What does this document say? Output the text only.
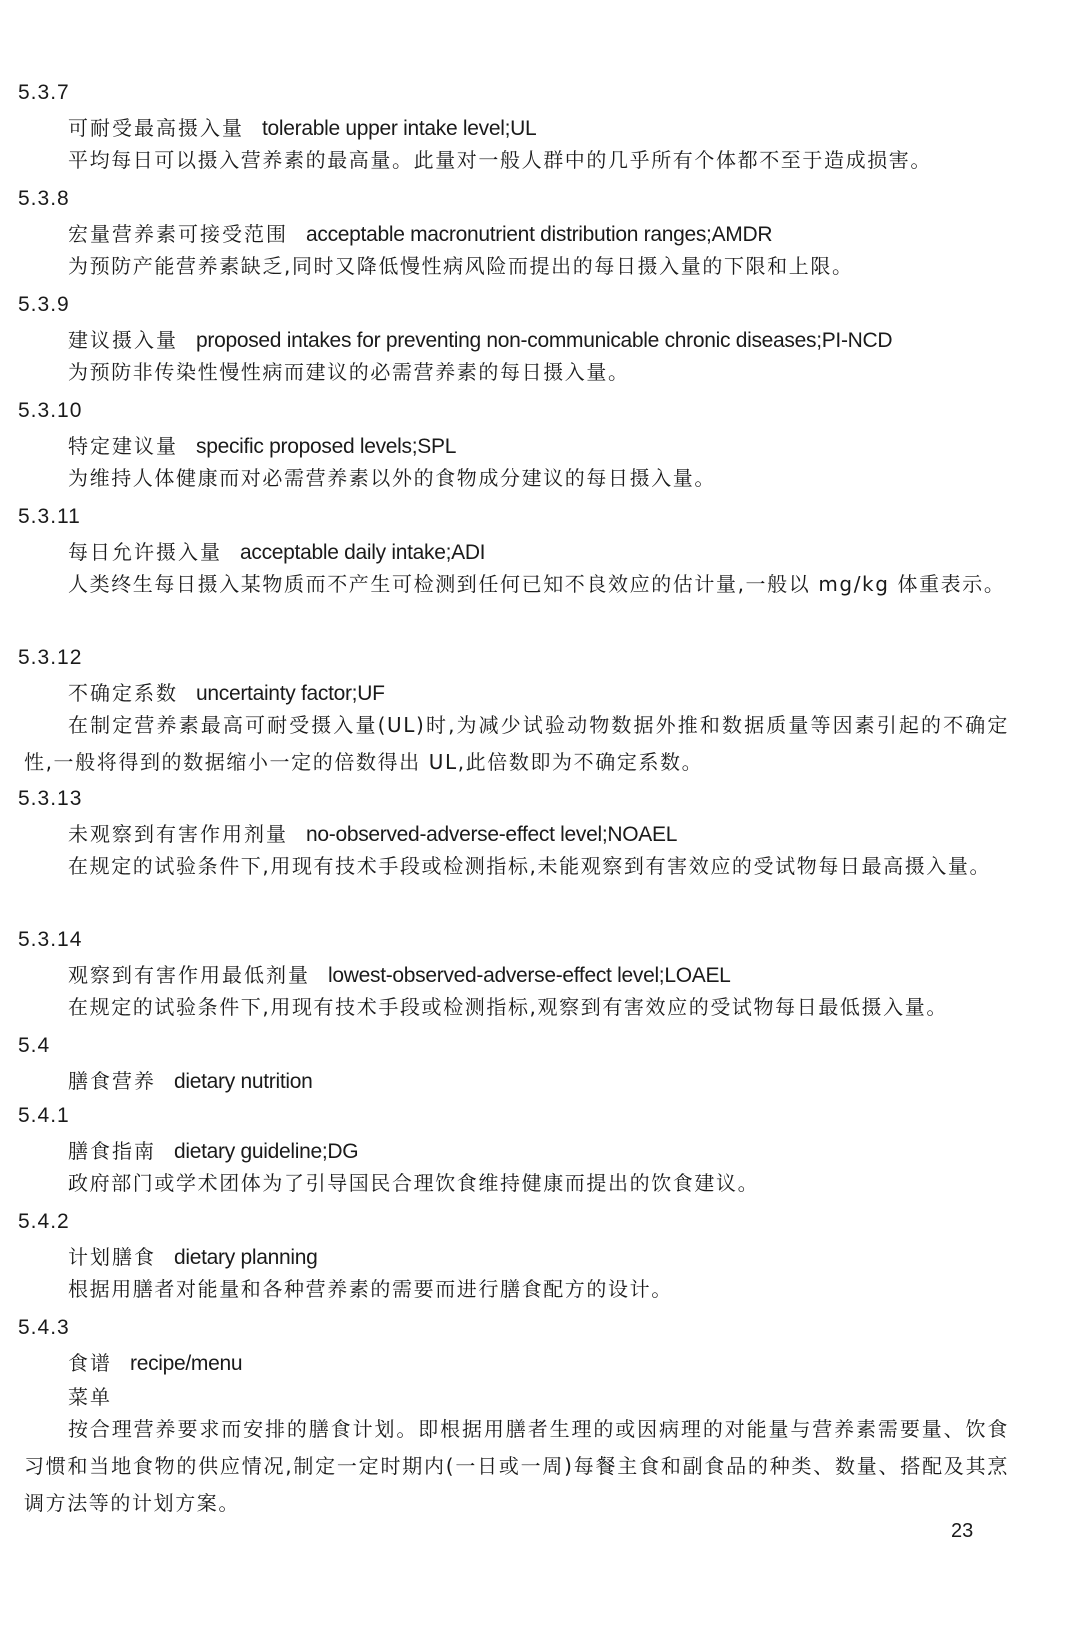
5.3.7
可耐受最高摄入量 tolerable upper intake level;UL

平均每日可以摄入营养素的最高量。此量对一般人群中的几乎所有个体都不至于造成损害。

5.3.8
宏量营养素可接受范围 acceptable macronutrient distribution ranges;AMDR

为预防产能营养素缺乏,同时又降低慢性病风险而提出的每日摄入量的下限和上限。

5.3.9
建议摄入量 proposed intakes for preventing non-communicable chronic diseases;PI-NCD

为预防非传染性慢性病而建议的必需营养素的每日摄入量。

5.3.10
特定建议量 specific proposed levels;SPL

为维持人体健康而对必需营养素以外的食物成分建议的每日摄入量。

5.3.11
每日允许摄入量 acceptable daily intake;ADI

人类终生每日摄入某物质而不产生可检测到任何已知不良效应的估计量,一般以 mg/kg 体重表示。

5.3.12
不确定系数 uncertainty factor;UF

在制定营养素最高可耐受摄入量(UL)时,为减少试验动物数据外推和数据质量等因素引起的不确定性,一般将得到的数据缩小一定的倍数得出 UL,此倍数即为不确定系数。

5.3.13
未观察到有害作用剂量 no-observed-adverse-effect level;NOAEL

在规定的试验条件下,用现有技术手段或检测指标,未能观察到有害效应的受试物每日最高摄入量。

5.3.14
观察到有害作用最低剂量 lowest-observed-adverse-effect level;LOAEL

在规定的试验条件下,用现有技术手段或检测指标,观察到有害效应的受试物每日最低摄入量。

5.4
膳食营养 dietary nutrition
5.4.1
膳食指南 dietary guideline;DG

政府部门或学术团体为了引导国民合理饮食维持健康而提出的饮食建议。

5.4.2
计划膳食 dietary planning

根据用膳者对能量和各种营养素的需要而进行膳食配方的设计。

5.4.3
食谱 recipe/menu
菜单

按合理营养要求而安排的膳食计划。即根据用膳者生理的或因病理的对能量与营养素需要量、饮食习惯和当地食物的供应情况,制定一定时期内(一日或一周)每餐主食和副食品的种类、数量、搭配及其烹调方法等的计划方案。

23
